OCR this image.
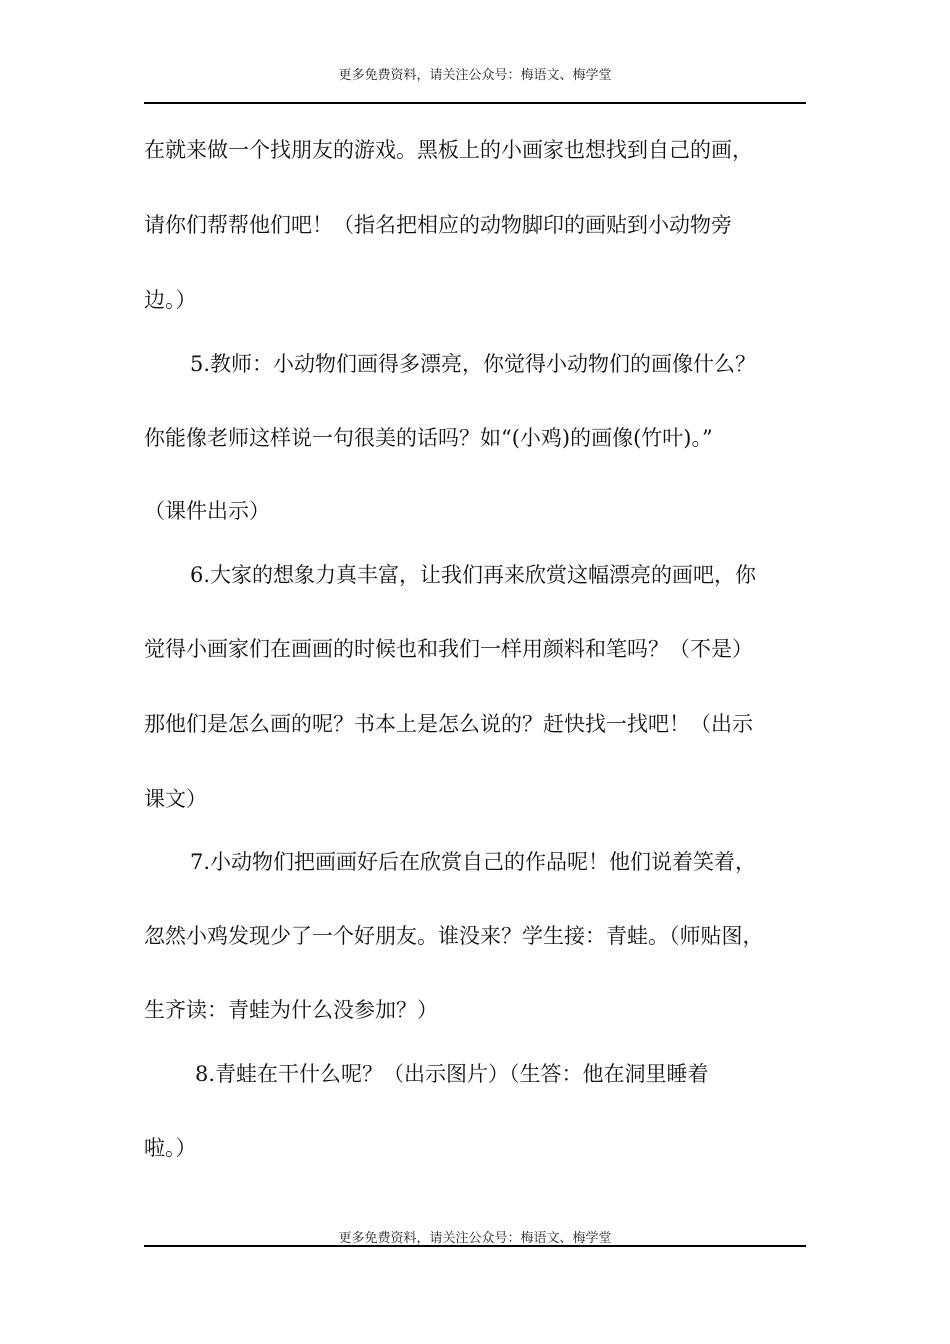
更多免费资料，请关注公众号：梅语文、梅学堂
在就来做一个找朋友的游戏。黑板上的小画家也想找到自己的画，
请你们帮帮他们吧！（指名把相应的动物脚印的画贴到小动物旁
边。）
5.教师：小动物们画得多漂亮，你觉得小动物们的画像什么？
你能像老师这样说一句很美的话吗？如“(小鸡)的画像(竹叶)。”
（课件出示）
6.大家的想象力真丰富，让我们再来欣赏这幅漂亮的画吧，你
觉得小画家们在画画的时候也和我们一样用颜料和笔吗？（不是）
那他们是怎么画的呢？书本上是怎么说的？赶快找一找吧！（出示
课文）
7.小动物们把画画好后在欣赏自己的作品呢！他们说着笑着，
忽然小鸡发现少了一个好朋友。谁没来？学生接：青蛙。（师贴图，
生齐读：青蛙为什么没参加？）
8.青蛙在干什么呢？（出示图片）（生答：他在洞里睡着
啦。）
更多免费资料，请关注公众号：梅语文、梅学堂
